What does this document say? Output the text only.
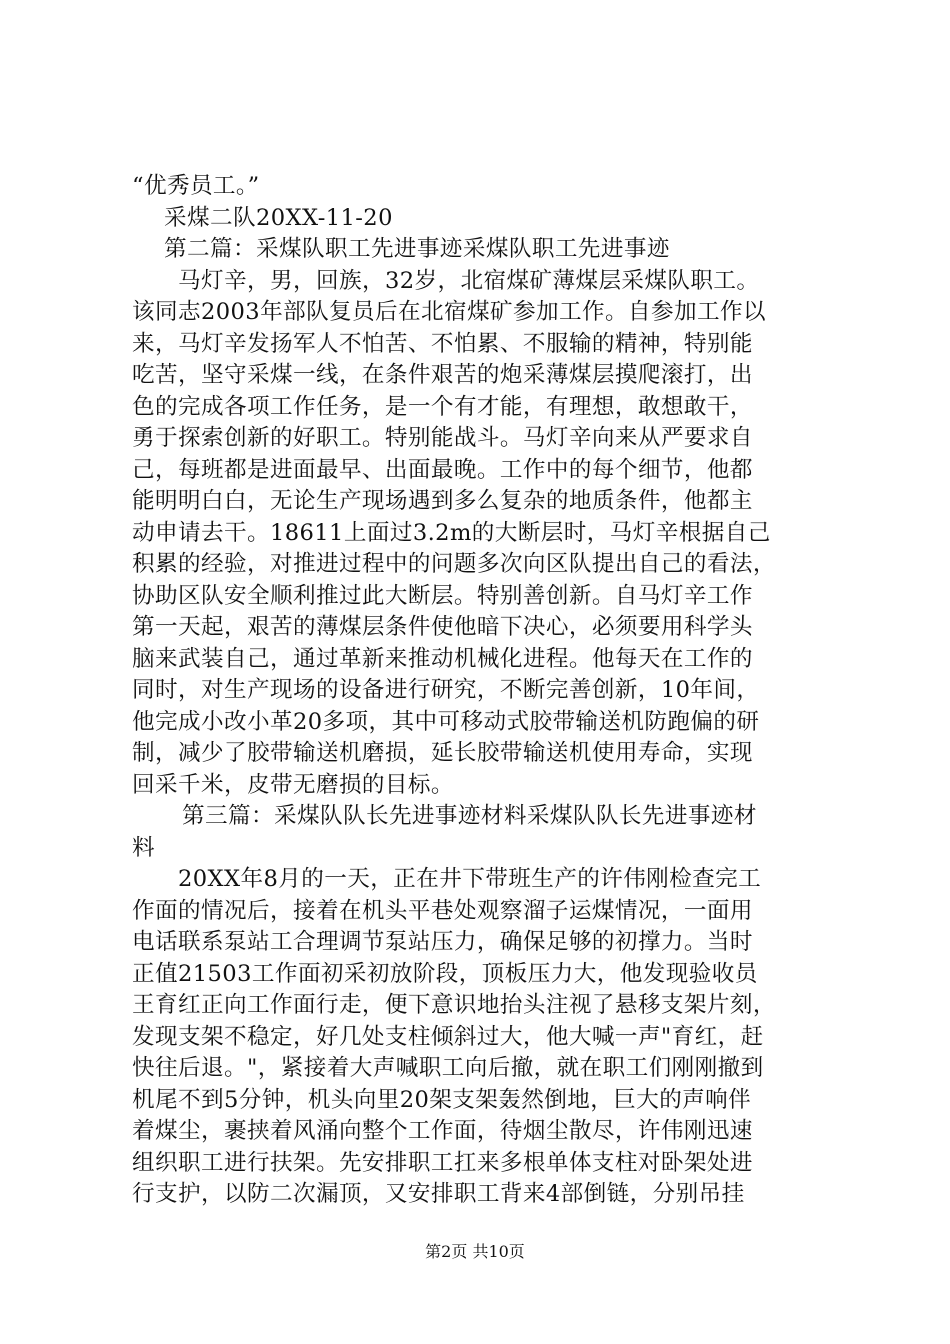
“优秀员工。”
采煤二队20XX-11-20
第二篇：采煤队职工先进事迹采煤队职工先进事迹
马灯辛，男，回族，32岁，北宿煤矿薄煤层采煤队职工。
该同志2003年部队复员后在北宿煤矿参加工作。自参加工作以
来，马灯辛发扬军人不怕苦、不怕累、不服输的精神，特别能
吃苦，坚守采煤一线，在条件艰苦的炮采薄煤层摸爬滚打，出
色的完成各项工作任务，是一个有才能，有理想，敢想敢干，
勇于探索创新的好职工。特别能战斗。马灯辛向来从严要求自
己，每班都是进面最早、出面最晚。工作中的每个细节，他都
能明明白白，无论生产现场遇到多么复杂的地质条件，他都主
动申请去干。18611上面过3.2m的大断层时，马灯辛根据自己
积累的经验，对推进过程中的问题多次向区队提出自己的看法，
协助区队安全顺利推过此大断层。特别善创新。自马灯辛工作
第一天起，艰苦的薄煤层条件使他暗下决心，必须要用科学头
脑来武装自己，通过革新来推动机械化进程。他每天在工作的
同时，对生产现场的设备进行研究，不断完善创新，10年间，
他完成小改小革20多项，其中可移动式胶带输送机防跑偏的研
制，减少了胶带输送机磨损，延长胶带输送机使用寿命，实现
回采千米，皮带无磨损的目标。
第三篇：采煤队队长先进事迹材料采煤队队长先进事迹材
料
20XX年8月的一天，正在井下带班生产的许伟刚检查完工
作面的情况后，接着在机头平巷处观察溜子运煤情况，一面用
电话联系泵站工合理调节泵站压力，确保足够的初撑力。当时
正值21503工作面初采初放阶段，顶板压力大，他发现验收员
王育红正向工作面行走，便下意识地抬头注视了悬移支架片刻，
发现支架不稳定，好几处支柱倾斜过大，他大喊一声"育红，赶
快往后退。"，紧接着大声喊职工向后撤，就在职工们刚刚撤到
机尾不到5分钟，机头向里20架支架轰然倒地，巨大的声响伴
着煤尘，裹挟着风涌向整个工作面，待烟尘散尽，许伟刚迅速
组织职工进行扶架。先安排职工扛来多根单体支柱对卧架处进
行支护，以防二次漏顶，又安排职工背来4部倒链，分别吊挂
第2页 共10页
